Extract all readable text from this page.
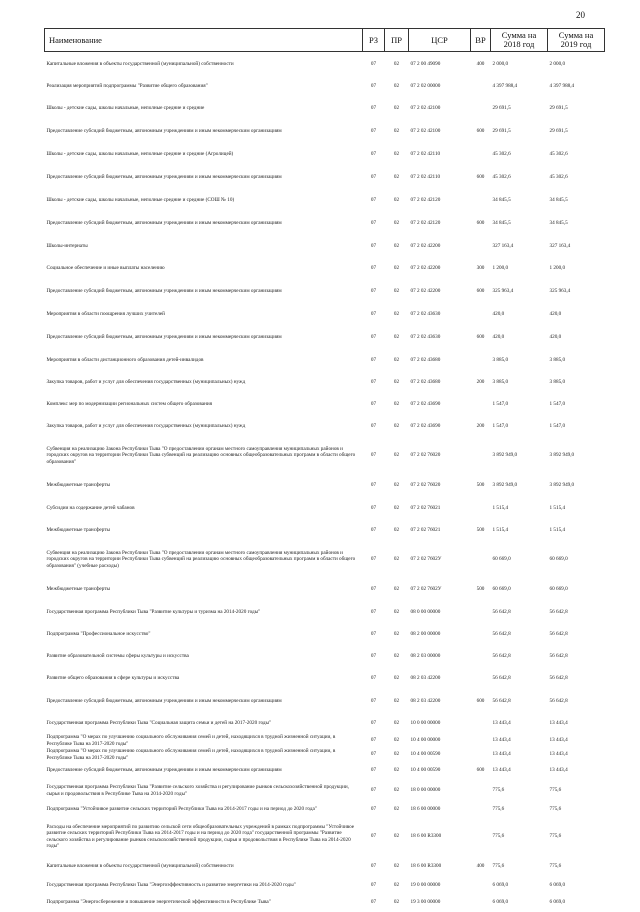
20
Наименование	РЗ	ПР	ЦСР	ВР	Сумма на 2018 год	Сумма на 2019 год
Капитальные вложения в объекты государственной (муниципальной) собственности	07	02	07 2 00 49090	400	2 000,0	2 000,0
Реализация мероприятий подпрограммы "Развитие общего образования"	07	02	07 2 02 00000		4 397 988,4	4 397 988,4
Школы - детские сады, школы начальные, неполные средние и средние	07	02	07 2 02 42100		29 691,5	29 691,5
Предоставление субсидий бюджетным, автономным учреждениям и иным некоммерческим организациям	07	02	07 2 02 42100	600	29 691,5	29 691,5
Школы - детские сады, школы начальные, неполные средние и средние (Агролицей)	07	02	07 2 02 42110		45 302,6	45 302,6
Предоставление субсидий бюджетным, автономным учреждениям и иным некоммерческим организациям	07	02	07 2 02 42110	600	45 302,6	45 302,6
Школы - детские сады, школы начальные, неполные средние и средние (СОШ № 10)	07	02	07 2 02 42120		34 845,5	34 845,5
Предоставление субсидий бюджетным, автономным учреждениям и иным некоммерческим организациям	07	02	07 2 02 42120	600	34 845,5	34 845,5
Школы-интернаты	07	02	07 2 02 42200		327 163,4	327 163,4
Социальное обеспечение и иные выплаты населению	07	02	07 2 02 42200	300	1 200,0	1 200,0
Предоставление субсидий бюджетным, автономным учреждениям и иным некоммерческим организациям	07	02	07 2 02 42200	600	325 963,4	325 963,4
Мероприятия в области поощрения лучших учителей	07	02	07 2 02 43630		420,0	420,0
Предоставление субсидий бюджетным, автономным учреждениям и иным некоммерческим организациям	07	02	07 2 02 43630	600	420,0	420,0
Мероприятия в области дистанционного образования детей-инвалидов	07	02	07 2 02 43680		3 885,0	3 885,0
Закупка товаров, работ и услуг для обеспечения государственных (муниципальных) нужд	07	02	07 2 02 43680	200	3 885,0	3 885,0
Комплекс мер по модернизации региональных систем общего образования	07	02	07 2 02 43690		1 547,0	1 547,0
Закупка товаров, работ и услуг для обеспечения государственных (муниципальных) нужд	07	02	07 2 02 43690	200	1 547,0	1 547,0
Субвенция на реализацию Закона Республики Тыва "О предоставлении органам местного самоуправления муниципальных районов и городских округов на территории Республики Тыва субвенций на реализацию основных общеобразовательных программ в области общего образования"	07	02	07 2 02 76020		3 892 949,0	3 892 949,0
Межбюджетные трансферты	07	02	07 2 02 76020	500	3 892 949,0	3 892 949,0
Субсидии на содержание детей чабанов	07	02	07 2 02 76021		1 515,4	1 515,4
Межбюджетные трансферты	07	02	07 2 02 76021	500	1 515,4	1 515,4
Субвенция на реализацию Закона Республики Тыва "О предоставлении органам местного самоуправления муниципальных районов и городских округов на территории Республики Тыва субвенций на реализацию основных общеобразовательных программ в области общего образования" (учебные расходы)	07	02	07 2 02 7602У		60 669,0	60 669,0
Межбюджетные трансферты	07	02	07 2 02 7602У	500	60 669,0	60 669,0
Государственная программа Республики Тыва "Развитие культуры и туризма на 2014-2020 годы"	07	02	08 0 00 00000		56 642,8	56 642,8
Подпрограмма "Профессиональное искусство"	07	02	08 2 00 00000		56 642,8	56 642,8
Развитие образовательной системы сферы культуры и искусства	07	02	08 2 03 00000		56 642,8	56 642,8
Развитие общего образования в сфере культуры и искусства	07	02	08 2 03 42200		56 642,8	56 642,8
Предоставление субсидий бюджетным, автономным учреждениям и иным некоммерческим организациям	07	02	08 2 03 42200	600	56 642,8	56 642,8
Государственная программа Республики Тыва "Социальная защита семьи и детей на 2017-2020 годы"	07	02	10 0 00 00000		13 443,4	13 443,4
Подпрограмма "О мерах по улучшению социального обслуживания семей и детей, находящихся в трудной жизненной ситуации, в Республике Тыва на 2017-2020 годы"	07	02	10 4 00 00000		13 443,4	13 443,4
Подпрограмма "О мерах по улучшению социального обслуживания семей и детей, находящихся в трудной жизненной ситуации, в Республике Тыва на 2017-2020 годы"	07	02	10 4 00 00590		13 443,4	13 443,4
Предоставление субсидий бюджетным, автономным учреждениям и иным некоммерческим организациям	07	02	10 4 00 00590	600	13 443,4	13 443,4
Государственная программа Республики Тыва "Развитие сельского хозяйства и регулирование рынков сельскохозяйственной продукции, сырья и продовольствия в Республике Тыва на 2014-2020 годы"	07	02	18 0 00 00000		775,6	775,6
Подпрограмма "Устойчивое развитие сельских территорий Республики Тыва на 2014-2017 годы и на период до 2020 года"	07	02	18 6 00 00000		775,6	775,6
Расходы на обеспечение мероприятий по развитию сельской сети общеобразовательных учреждений в рамках подпрограммы "Устойчивое развитие сельских территорий Республики Тыва на 2014-2017 годы и на период до 2020 года" государственной программы "Развитие сельского хозяйства и регулирование рынков сельскохозяйственной продукции, сырья и продовольствия в Республике Тыва на 2014-2020 годы"	07	02	18 6 00 R3300		775,6	775,6
Капитальные вложения в объекты государственной (муниципальной) собственности	07	02	18 6 00 R3300	400	775,6	775,6
Государственная программа Республики Тыва "Энергоэффективность и развитие энергетики на 2014-2020 годы"	07	02	19 0 00 00000		6 069,0	6 069,0
Подпрограмма "Энергосбережение и повышение энергетической эффективности в Республике Тыва"	07	02	19 3 00 00000		6 069,0	6 069,0
